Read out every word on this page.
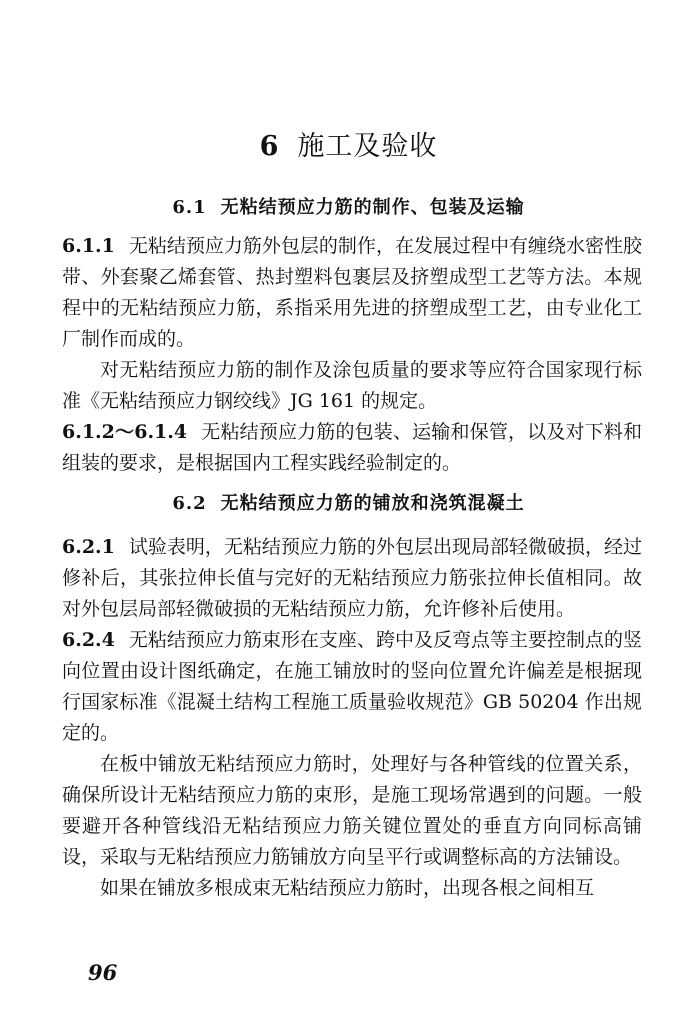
6 施工及验收
6.1 无粘结预应力筋的制作、包装及运输

6.1.1 无粘结预应力筋外包层的制作，在发展过程中有缠绕水密性胶带、外套聚乙烯套管、热封塑料包裹层及挤塑成型工艺等方法。本规程中的无粘结预应力筋，系指采用先进的挤塑成型工艺，由专业化工厂制作而成的。

对无粘结预应力筋的制作及涂包质量的要求等应符合国家现行标准《无粘结预应力钢绞线》JG 161 的规定。

6.1.2～6.1.4 无粘结预应力筋的包装、运输和保管，以及对下料和组装的要求，是根据国内工程实践经验制定的。

6.2 无粘结预应力筋的铺放和浇筑混凝土

6.2.1 试验表明，无粘结预应力筋的外包层出现局部轻微破损，经过修补后，其张拉伸长值与完好的无粘结预应力筋张拉伸长值相同。故对外包层局部轻微破损的无粘结预应力筋，允许修补后使用。

6.2.4 无粘结预应力筋束形在支座、跨中及反弯点等主要控制点的竖向位置由设计图纸确定，在施工铺放时的竖向位置允许偏差是根据现行国家标准《混凝土结构工程施工质量验收规范》GB 50204 作出规定的。

在板中铺放无粘结预应力筋时，处理好与各种管线的位置关系，确保所设计无粘结预应力筋的束形，是施工现场常遇到的问题。一般要避开各种管线沿无粘结预应力筋关键位置处的垂直方向同标高铺设，采取与无粘结预应力筋铺放方向呈平行或调整标高的方法铺设。

如果在铺放多根成束无粘结预应力筋时，出现各根之间相互

96
